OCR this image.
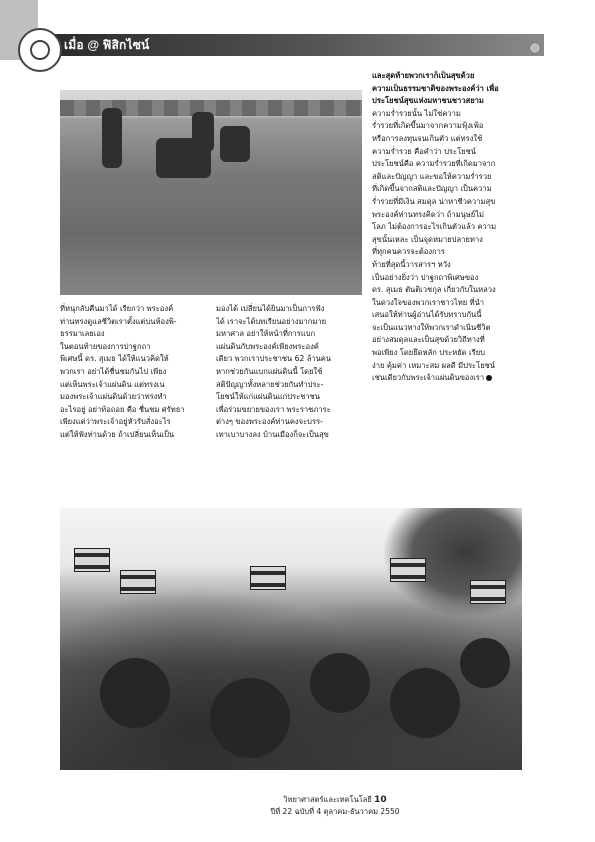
เมื่อ @ ฟิสิกไซน์

ที่หนุกลับคืนมาได้ เรียกว่า พระองค์

ท่านทรงดูแลชีวิตเราตั้งแต่บนห้องพิ-

ธรรมาเลยเอง

ในตอนท้ายของการปาฐกถา

พิเศษนี้ ดร. สุเมธ ได้ให้แนวคิดให้

พวกเรา อย่าได้ชื่นชมกันไป เพียง

แต่เห็นพระเจ้าแผ่นดิน แต่ทรงเน

มองพระเจ้าแผ่นดินด้วยว่าทรงทำ

อะไรอยู่ อย่าท้อถอย คือ ชื่นชม ศรัทธา

เพียงแต่ว่าพระเจ้าอยู่หัวรับสั่งอะไร

แต่ให้ฟังท่านด้วย ถ้าเปลี่ยนเห็นเป็น

มองได้ เปลี่ยนได้ยินมาเป็นการฟัง

ได้ เราจะได้บทเรียนอย่างมากมาย

มหาศาล อย่าให้หน้าที่การแบก

แผ่นดินกับพระองค์เพียงพระองค์

เดียว พวกเราประชาชน 62 ล้านคน

หากช่วยกันแบกแผ่นดินนี้ โดยใช้

สติปัญญาทั้งหลายช่วยกันทำประ-

โยชน์ให้แก่แผ่นดินแก่ประชาชน

เพื่อร่วมขยายของเรา พระราชภาระ

ต่างๆ ของพระองค์ท่านคงจะบรร-

เทาเบาบางลง บ้านเมืองก็จะเป็นสุข

และสุดท้ายพวกเราก็เป็นสุขด้วย

ความเป็นธรรมชาติของพระองค์ว่า เพื่อ

ประโยชน์สุขแห่งมหาชนชาวสยาม

ความร่ำรวยนั้น ไม่ใช่ความ

ร่ำรวยที่เกิดขึ้นมาจากความฟุ้งเฟ้อ

หรือการลงทุนจนเกินตัว แต่ทรงใช้

ความร่ำรวย คือคำว่า ประโยชน์

ประโยชน์คือ ความร่ำรวยที่เกิดมาจาก

สติและปัญญา และขอให้ความร่ำรวย

ที่เกิดขึ้นจากสติและปัญญา เป็นความ

ร่ำรวยที่มีเงิน สมดุล น่าหาชีวความสุข

พระองค์ท่านทรงคิดว่า ถ้ามนุษย์ไม่

โลภ ไม่ต้องการอะไรเกินตัวแล้ว ความ

สุขนั้นเหละ เป็นจุดหมายปลายทาง

ที่ทุกคนควรจะต้องการ

ท้ายที่สุดนี้วารสารฯ หวัง

เป็นอย่างยิ่งว่า ปาฐกถาพิเศษของ

ดร. สุเมธ ตันติเวชกุล เกี่ยวกับในหลวง

ในดวงใจของพวกเราชาวไทย ที่นำ

เสนอให้ท่านผู้อ่านได้รับทราบกันนี้

จะเป็นแนวทางให้พวกเราดำเนินชีวิต

อย่างสมดุลและเป็นสุขด้วยวิถีทางที่

พอเพียง โดยยึดหลัก ประหยัด เรียบ

ง่าย คุ้มค่า เหมาะสม ผลดี มีประโยชน์

เช่นเดียวกับพระเจ้าแผ่นดินของเรา

วิทยาศาสตร์และเทคโนโลยี 10
ปีที่ 22 ฉบับที่ 4 ตุลาคม-ธันวาคม 2550
